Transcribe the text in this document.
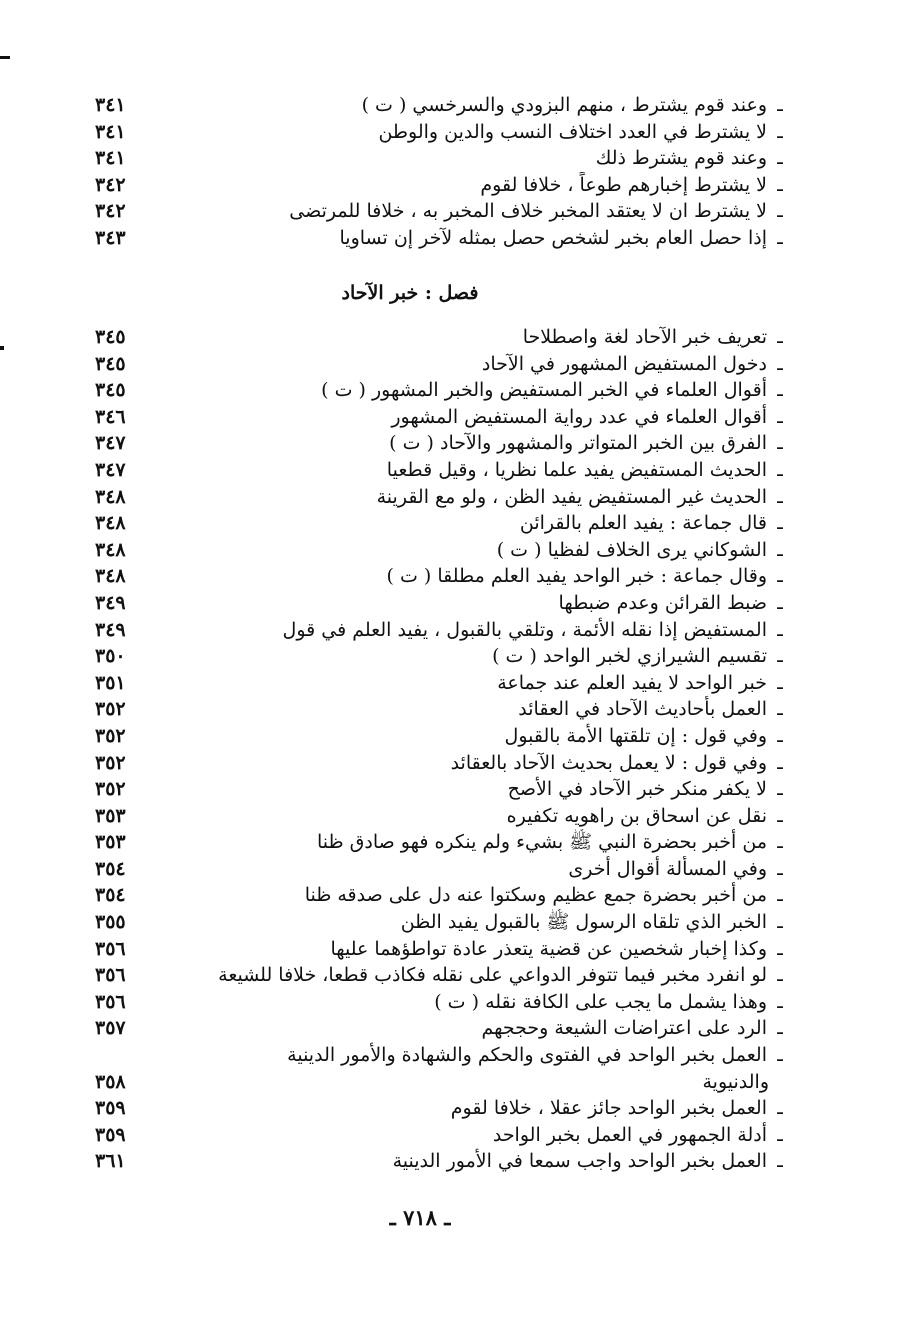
ـوعند قوم يشترط ، منهم البزودي والسرخسي ( ت )
٣٤١
ـلا يشترط في العدد اختلاف النسب والدين والوطن
٣٤١
ـوعند قوم يشترط ذلك
٣٤١
ـلا يشترط إخبارهم طوعاً ، خلافا لقوم
٣٤٢
ـلا يشترط ان لا يعتقد المخبر خلاف المخبر به ، خلافا للمرتضى
٣٤٢
ـإذا حصل العام بخبر لشخص حصل بمثله لآخر إن تساويا
٣٤٣
فصل : خبر الآحاد
ـتعريف خبر الآحاد لغة واصطلاحا
٣٤٥
ـدخول المستفيض المشهور في الآحاد
٣٤٥
ـأقوال العلماء في الخبر المستفيض والخبر المشهور ( ت )
٣٤٥
ـأقوال العلماء في عدد رواية المستفيض المشهور
٣٤٦
ـالفرق بين الخبر المتواتر والمشهور والآحاد ( ت )
٣٤٧
ـالحديث المستفيض يفيد علما نظريا ، وقيل قطعيا
٣٤٧
ـالحديث غير المستفيض يفيد الظن ، ولو مع القرينة
٣٤٨
ـقال جماعة : يفيد العلم بالقرائن
٣٤٨
ـالشوكاني يرى الخلاف لفظيا ( ت )
٣٤٨
ـوقال جماعة : خبر الواحد يفيد العلم مطلقا ( ت )
٣٤٨
ـضبط القرائن وعدم ضبطها
٣٤٩
ـالمستفيض إذا نقله الأئمة ، وتلقي بالقبول ، يفيد العلم في قول
٣٤٩
ـتقسيم الشيرازي لخبر الواحد ( ت )
٣٥٠
ـخبر الواحد لا يفيد العلم عند جماعة
٣٥١
ـالعمل بأحاديث الآحاد في العقائد
٣٥٢
ـوفي قول : إن تلقتها الأمة بالقبول
٣٥٢
ـوفي قول : لا يعمل بحديث الآحاد بالعقائد
٣٥٢
ـلا يكفر منكر خبر الآحاد في الأصح
٣٥٢
ـنقل عن اسحاق بن راهويه تكفيره
٣٥٣
ـمن أخبر بحضرة النبي ﷺ بشيء ولم ينكره فهو صادق ظنا
٣٥٣
ـوفي المسألة أقوال أخرى
٣٥٤
ـمن أخبر بحضرة جمع عظيم وسكتوا عنه دل على صدقه ظنا
٣٥٤
ـالخبر الذي تلقاه الرسول ﷺ بالقبول يفيد الظن
٣٥٥
ـوكذا إخبار شخصين عن قضية يتعذر عادة تواطؤهما عليها
٣٥٦
ـلو انفرد مخبر فيما تتوفر الدواعي على نقله فكاذب قطعا، خلافا للشيعة
٣٥٦
ـوهذا يشمل ما يجب على الكافة نقله ( ت )
٣٥٦
ـالرد على اعتراضات الشيعة وحججهم
٣٥٧
ـالعمل بخبر الواحد في الفتوى والحكم والشهادة والأمور الدينية
والدنيوية
٣٥٨
ـالعمل بخبر الواحد جائز عقلا ، خلافا لقوم
٣٥٩
ـأدلة الجمهور في العمل بخبر الواحد
٣٥٩
ـالعمل بخبر الواحد واجب سمعا في الأمور الدينية
٣٦١
ـ ٧١٨ ـ
